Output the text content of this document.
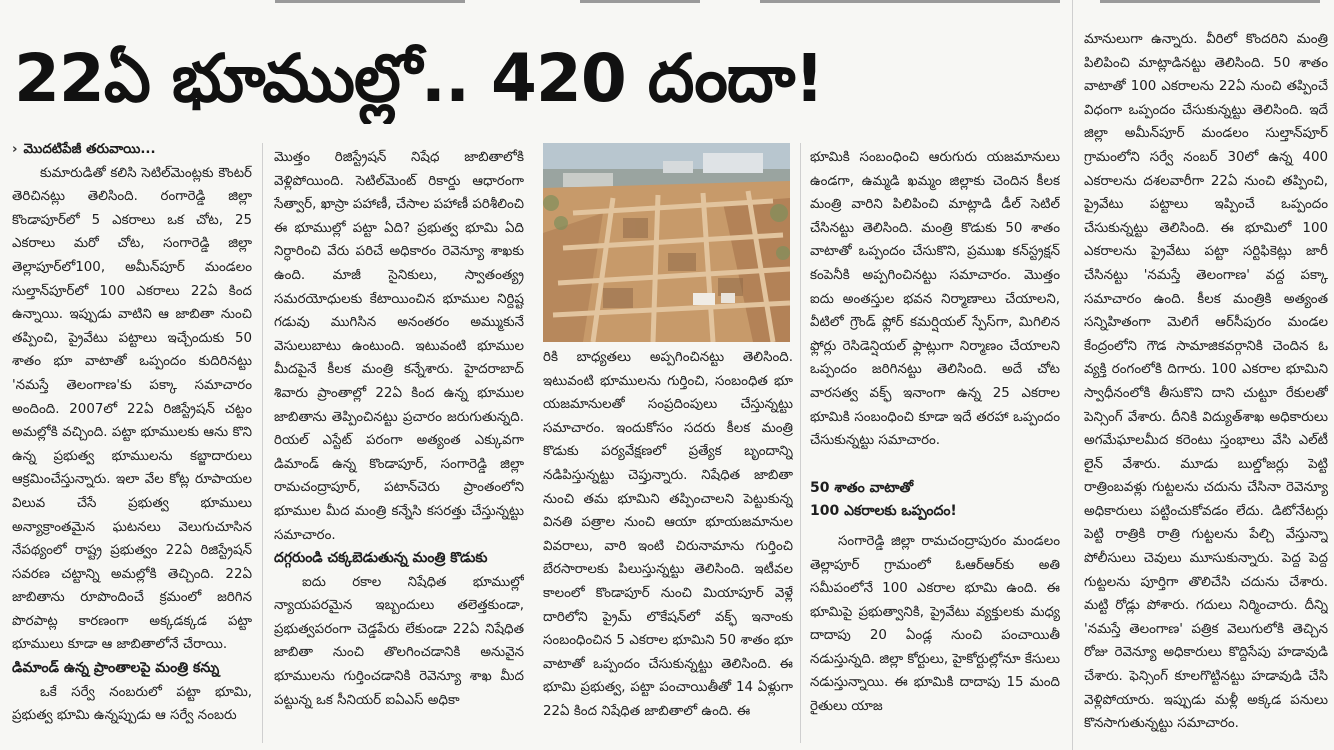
22ఏ భూముల్లో.. 420 దందా!

› మొదటిపేజీ తరువాయి...

కుమారుడితో కలిసి సెటిల్‌మెంట్లకు కౌంటర్ తెరిచినట్లు తెలిసింది. రంగారెడ్డి జిల్లా కొండాపూర్‌లో 5 ఎకరాలు ఒక చోట, 25 ఎకరాలు మరో చోట, సంగారెడ్డి జిల్లా తెల్లాపూర్‌లో100, అమీన్‌పూర్ మండలం సుల్తాన్‌పూర్‌లో 100 ఎకరాలు 22ఏ కింద ఉన్నాయి. ఇప్పుడు వాటిని ఆ జాబితా నుంచి తప్పించి, ప్రైవేటు పట్టాలు ఇచ్చేందుకు 50 శాతం భూ వాటాతో ఒప్పందం కుదిరినట్టు 'నమస్తే తెలంగాణ'కు పక్కా సమాచారం అందింది. 2007లో 22ఏ రిజిస్ట్రేషన్ చట్టం అమల్లోకి వచ్చింది. పట్టా భూములకు ఆను కొని ఉన్న ప్రభుత్వ భూములను కబ్జాదారులు ఆక్రమించేస్తున్నారు. ఇలా వేల కోట్ల రూపాయల విలువ చేసే ప్రభుత్వ భూములు అన్యాక్రాంతమైన ఘటనలు వెలుగుచూసిన నేపథ్యంలో రాష్ట్ర ప్రభుత్వం 22ఏ రిజిస్ట్రేషన్ సవరణ చట్టాన్ని అమల్లోకి తెచ్చింది. 22ఏ జాబితాను రూపొందించే క్రమంలో జరిగిన పొరపాట్ల కారణంగా అక్కడక్కడ పట్టా భూములు కూడా ఆ జాబితాలోనే చేరాయి.

డిమాండ్ ఉన్న ప్రాంతాలపై మంత్రి కన్ను

ఒకే సర్వే నంబరులో పట్టా భూమి, ప్రభుత్వ భూమి ఉన్నప్పుడు ఆ సర్వే నంబరు

మొత్తం రిజిస్ట్రేషన్ నిషేధ జాబితాలోకి వెళ్లిపోయింది. సెటిల్‌మెంట్ రికార్డు ఆధారంగా సేత్వార్, ఖాస్రా పహాణీ, చేసాల పహాణీ పరిశీలించి ఈ భూముల్లో పట్టా ఏది? ప్రభుత్వ భూమి ఏది నిర్ధారించి వేరు పరిచే అధికారం రెవెన్యూ శాఖకు ఉంది. మాజీ సైనికులు, స్వాతంత్య్ర సమరయోధులకు కేటాయించిన భూముల నిర్దిష్ట గడువు ముగిసిన అనంతరం అమ్ముకునే వెసులుబాటు ఉంటుంది. ఇటువంటి భూముల మీదపైనే కీలక మంత్రి కన్నేశారు. హైదరాబాద్ శివారు ప్రాంతాల్లో 22ఏ కింద ఉన్న భూముల జాబితాను తెప్పించినట్టు ప్రచారం జరుగుతున్నది. రియల్ ఎస్టేట్ పరంగా అత్యంత ఎక్కువగా డిమాండ్ ఉన్న కొండాపూర్, సంగారెడ్డి జిల్లా రామచంద్రాపూర్, పటాన్‌చెరు ప్రాంతంలోని భూముల మీద మంత్రి కన్నేసి కసరత్తు చేస్తున్నట్టు సమాచారం.

దగ్గరుండి చక్కబెడుతున్న మంత్రి కొడుకు

ఐదు రకాల నిషేధిత భూముల్లో న్యాయపరమైన ఇబ్బందులు తలెత్తకుండా, ప్రభుత్వపరంగా చెడ్డపేరు లేకుండా 22ఏ నిషేధిత జాబితా నుంచి తొలగించడానికి అనువైన భూములను గుర్తించడానికి రెవెన్యూ శాఖ మీద పట్టున్న ఒక సీనియర్ ఐఏఎస్ అధికా

రికి బాధ్యతలు అప్పగించినట్టు తెలిసింది. ఇటువంటి భూములను గుర్తించి, సంబంధిత భూ యజమానులతో సంప్రదింపులు చేస్తున్నట్టు సమాచారం. ఇందుకోసం సదరు కీలక మంత్రి కొడుకు పర్యవేక్షణలో ప్రత్యేక బృందాన్ని నడిపిస్తున్నట్టు చెప్తున్నారు. నిషేధిత జాబితా నుంచి తమ భూమిని తప్పించాలని పెట్టుకున్న వినతి పత్రాల నుంచి ఆయా భూయజమానుల వివరాలు, వారి ఇంటి చిరునామాను గుర్తించి బేరసారాలకు పిలుస్తున్నట్టు తెలిసింది. ఇటీవల కాలంలో కొండాపూర్ నుంచి మియాపూర్ వెళ్లే దారిలోని ప్రైమ్ లొకేషన్‌లో వక్ఫ్ ఇనాంకు సంబంధించిన 5 ఎకరాల భూమిని 50 శాతం భూ వాటాతో ఒప్పందం చేసుకున్నట్టు తెలిసింది. ఈ భూమి ప్రభుత్వ, పట్టా పంచాయితీతో 14 ఏళ్లుగా 22ఏ కింద నిషేధిత జాబితాలో ఉంది. ఈ

భూమికి సంబంధించి ఆరుగురు యజమానులు ఉండగా, ఉమ్మడి ఖమ్మం జిల్లాకు చెందిన కీలక మంత్రి వారిని పిలిపించి మాట్లాడి డీల్ సెటిల్ చేసినట్టు తెలిసింది. మంత్రి కొడుకు 50 శాతం వాటాతో ఒప్పందం చేసుకొని, ప్రముఖ కన్‌స్ట్రక్షన్ కంపెనీకి అప్పగించినట్టు సమాచారం. మొత్తం ఐదు అంతస్తుల భవన నిర్మాణాలు చేయాలని, వీటిలో గ్రౌండ్ ఫ్లోర్ కమర్షియల్ స్పేస్‌గా, మిగిలిన ఫ్లోర్లు రెసిడెన్షియల్ ఫ్లాట్లుగా నిర్మాణం చేయాలని ఒప్పందం జరిగినట్టు తెలిసింది. అదే చోట వారసత్వ వక్ఫ్ ఇనాంగా ఉన్న 25 ఎకరాల భూమికి సంబంధించి కూడా ఇదే తరహా ఒప్పందం చేసుకున్నట్టు సమాచారం.

50 శాతం వాటాతో

100 ఎకరాలకు ఒప్పందం!

సంగారెడ్డి జిల్లా రామచంద్రాపురం మండలం తెల్లాపూర్ గ్రామంలో ఓఆర్ఆర్‌కు అతి సమీపంలోనే 100 ఎకరాల భూమి ఉంది. ఈ భూమిపై ప్రభుత్వానికి, ప్రైవేటు వ్యక్తులకు మధ్య దాదాపు 20 ఏండ్ల నుంచి పంచాయితీ నడుస్తున్నది. జిల్లా కోర్టులు, హైకోర్టుల్లోనూ కేసులు నడుస్తున్నాయి. ఈ భూమికి దాదాపు 15 మంది రైతులు యాజ

మానులుగా ఉన్నారు. వీరిలో కొందరిని మంత్రి పిలిపించి మాట్లాడినట్టు తెలిసింది. 50 శాతం వాటాతో 100 ఎకరాలను 22ఏ నుంచి తప్పించే విధంగా ఒప్పందం చేసుకున్నట్టు తెలిసింది. ఇదే జిల్లా అమీన్‌పూర్ మండలం సుల్తాన్‌పూర్ గ్రామంలోని సర్వే నంబర్ 30లో ఉన్న 400 ఎకరాలను దశలవారీగా 22ఏ నుంచి తప్పించి, ప్రైవేటు పట్టాలు ఇప్పించే ఒప్పందం చేసుకున్నట్టు తెలిసింది. ఈ భూమిలో 100 ఎకరాలను ప్రైవేటు పట్టా సర్టిఫికెట్లు జారీ చేసినట్టు 'నమస్తే తెలంగాణ' వద్ద పక్కా సమాచారం ఉంది. కీలక మంత్రికి అత్యంత సన్నిహితంగా మెలిగే ఆర్‌సీపురం మండల కేంద్రంలోని గౌడ సామాజికవర్గానికి చెందిన ఓ వ్యక్తి రంగంలోకి దిగారు. 100 ఎకరాల భూమిని స్వాధీనంలోకి తీసుకొని దాని చుట్టూ రేకులతో పెన్సింగ్ వేశారు. దీనికి విద్యుత్‌శాఖ అధికారులు అగమేఘాలమీద కరెంటు స్తంభాలు వేసి ఎల్‌టీ లైన్ వేశారు. మూడు బుల్డోజర్లు పెట్టి రాత్రింబవళ్లు గుట్టలను చదును చేసినా రెవెన్యూ అధికారులు పట్టించుకోవడం లేదు. డిటోనేటర్లు పెట్టి రాత్రికి రాత్రి గుట్టలను పేల్చి వేస్తున్నా పోలీసులు చెవులు మూసుకున్నారు. పెద్ద పెద్ద గుట్టలను పూర్తిగా తొలిచేసి చదును చేశారు. మట్టి రోడ్లు పోశారు. గదులు నిర్మించారు. దీన్ని 'నమస్తే తెలంగాణ' పత్రిక వెలుగులోకి తెచ్చిన రోజు రెవెన్యూ అధికారులు కొద్దిసేపు హడావుడి చేశారు. ఫెన్సింగ్ కూలగొట్టినట్టు హడావుడి చేసి వెళ్లిపోయారు. ఇప్పుడు మళ్లీ అక్కడ పనులు కొనసాగుతున్నట్టు సమాచారం.
